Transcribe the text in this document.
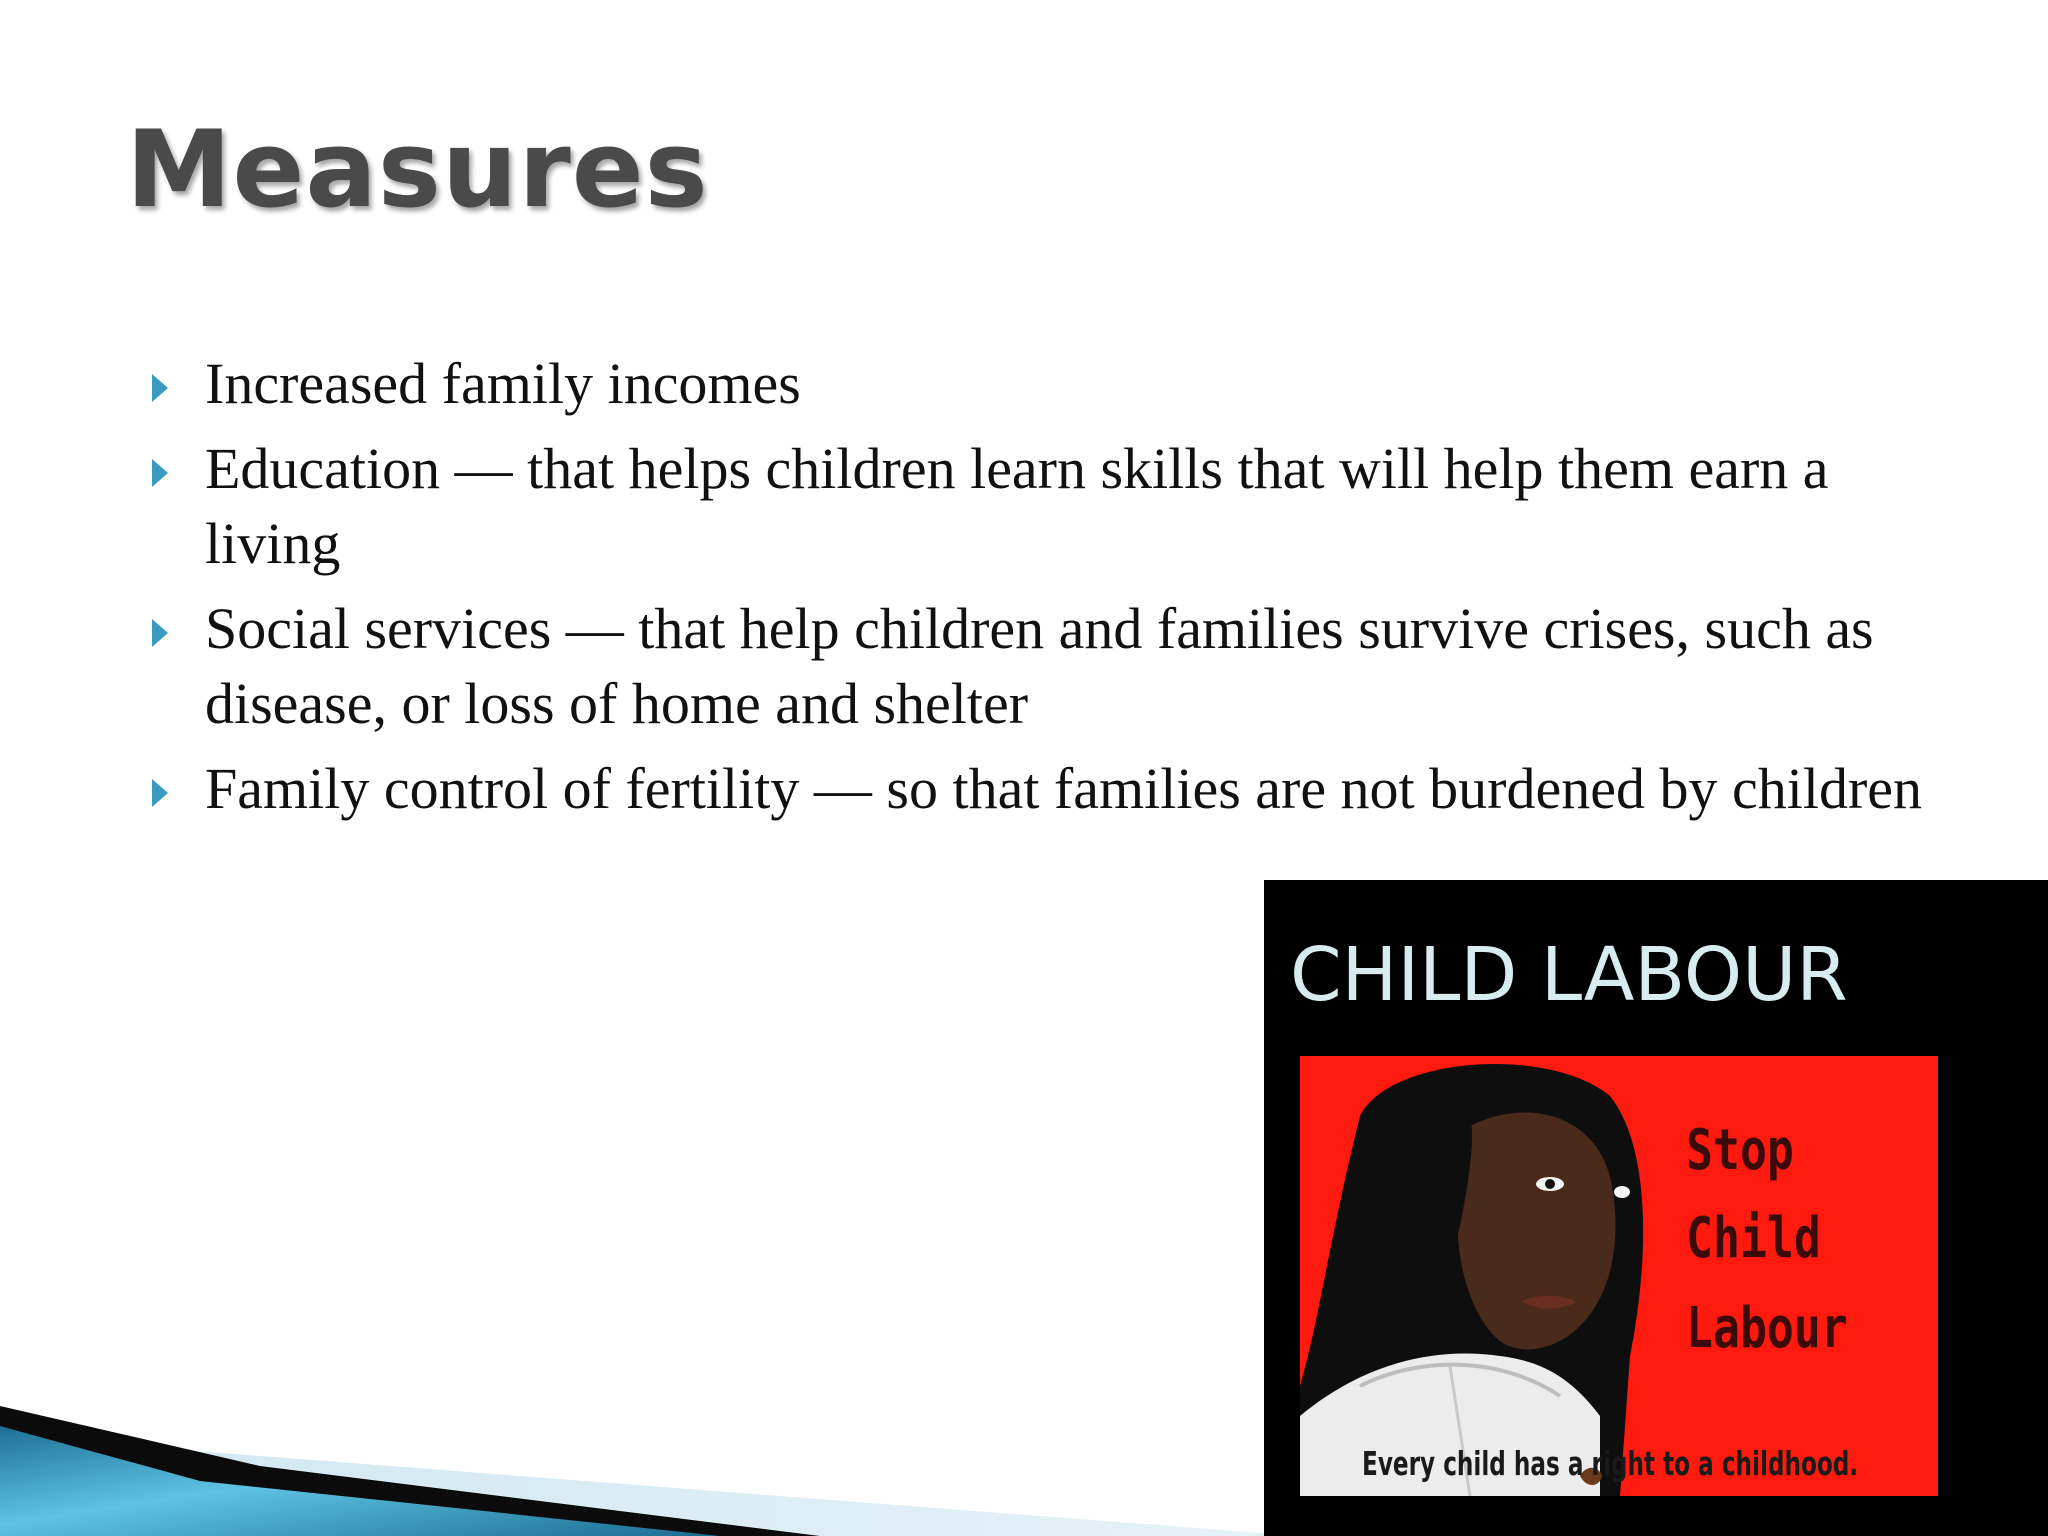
Measures
Increased family incomes
Education — that helps children learn skills that will help them earn a living
Social services — that help children and families survive crises, such as disease, or loss of home and shelter
Family control of fertility — so that families are not burdened by children
CHILD LABOUR
Stop
Child
Labour
Every child has a right to a childhood.
